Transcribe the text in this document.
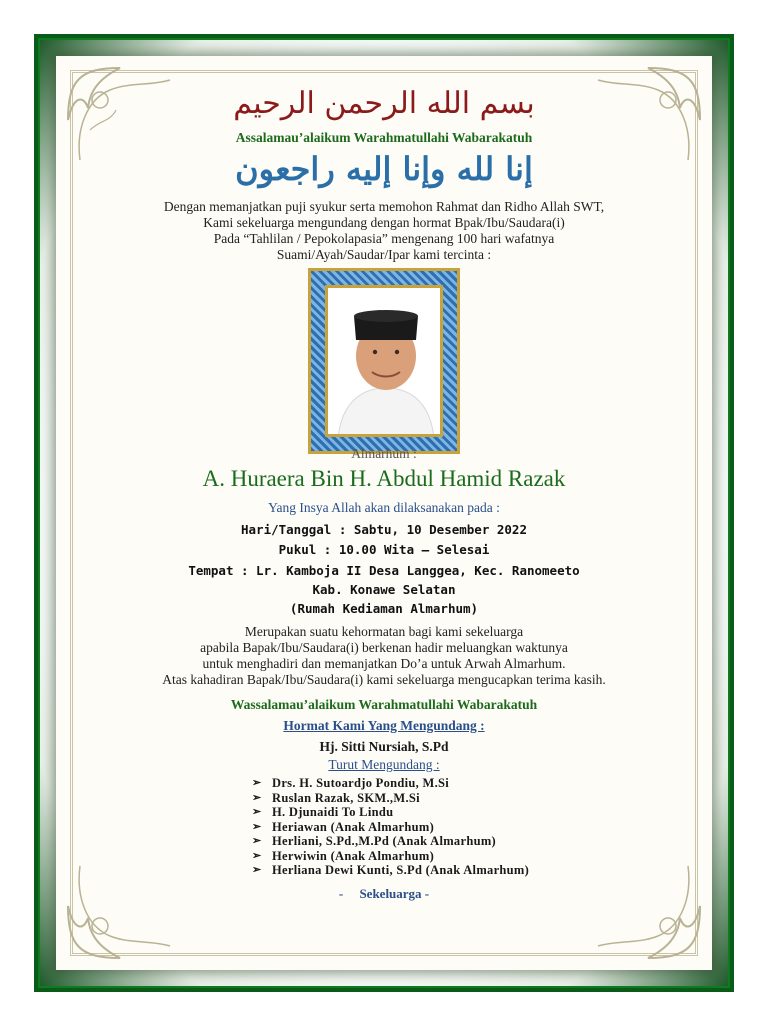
بسم الله الرحمن الرحيم
Assalamau’alaikum Warahmatullahi Wabarakatuh
إنا لله وإنا إليه راجعون
Dengan memanjatkan puji syukur serta memohon Rahmat dan Ridho Allah SWT,
Kami sekeluarga mengundang dengan hormat Bpak/Ibu/Saudara(i)
Pada “Tahlilan / Pepokolapasia” mengenang 100 hari wafatnya
Suami/Ayah/Saudar/Ipar kami tercinta :
Almarhum :
A. Huraera Bin H. Abdul Hamid Razak
Yang Insya Allah akan dilaksanakan pada :
Hari/Tanggal : Sabtu, 10 Desember 2022
Pukul : 10.00 Wita – Selesai
Tempat : Lr. Kamboja II Desa Langgea, Kec. Ranomeeto
Kab. Konawe Selatan
(Rumah Kediaman Almarhum)
Merupakan suatu kehormatan bagi kami sekeluarga
apabila Bapak/Ibu/Saudara(i) berkenan hadir meluangkan waktunya
untuk menghadiri dan memanjatkan Do’a untuk Arwah Almarhum.
Atas kahadiran Bapak/Ibu/Saudara(i) kami sekeluarga mengucapkan terima kasih.
Wassalamau’alaikum Warahmatullahi Wabarakatuh
Hormat Kami Yang Mengundang :
Hj. Sitti Nursiah, S.Pd
Turut Mengundang :
➢ Drs. H. Sutoardjo Pondiu, M.Si
➢ Ruslan Razak, SKM.,M.Si
➢ H. Djunaidi To Lindu
➢ Heriawan (Anak Almarhum)
➢ Herliani, S.Pd.,M.Pd (Anak Almarhum)
➢ Herwiwin (Anak Almarhum)
➢ Herliana Dewi Kunti, S.Pd (Anak Almarhum)
-     Sekeluarga -
